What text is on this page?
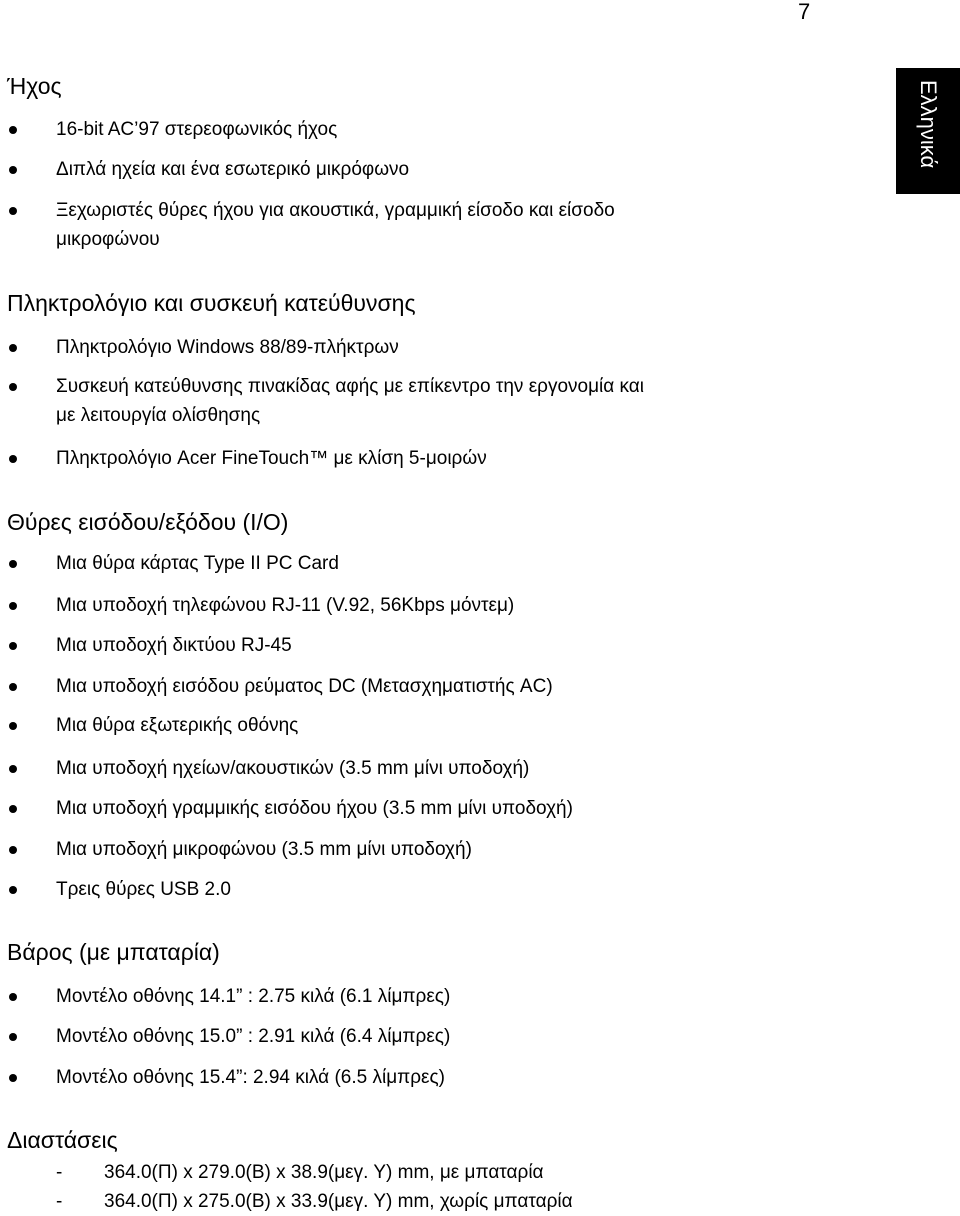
7
Ελληνικά
Ήχος
16-bit AC’97 στερεοφωνικός ήχος
Διπλά ηχεία και ένα εσωτερικό μικρόφωνο
Ξεχωριστές θύρες ήχου για ακουστικά, γραμμική είσοδο και είσοδο
μικροφώνου
Πληκτρολόγιο και συσκευή κατεύθυνσης
Πληκτρολόγιο Windows 88/89-πλήκτρων
Συσκευή κατεύθυνσης πινακίδας αφής με επίκεντρο την εργονομία και
με λειτουργία ολίσθησης
Πληκτρολόγιο Acer FineTouch™ με κλίση 5-μοιρών
Θύρες εισόδου/εξόδου (I/O)
Μια θύρα κάρτας Type II PC Card
Μια υποδοχή τηλεφώνου RJ-11 (V.92, 56Kbps μόντεμ)
Μια υποδοχή δικτύου RJ-45
Μια υποδοχή εισόδου ρεύματος DC (Μετασχηματιστής AC)
Μια θύρα εξωτερικής οθόνης
Μια υποδοχή ηχείων/ακουστικών (3.5 mm μίνι υποδοχή)
Μια υποδοχή γραμμικής εισόδου ήχου (3.5 mm μίνι υποδοχή)
Μια υποδοχή μικροφώνου (3.5 mm μίνι υποδοχή)
Τρεις θύρες USB 2.0
Βάρος (με μπαταρία)
Μοντέλο οθόνης 14.1” : 2.75 κιλά (6.1 λίμπρες)
Μοντέλο οθόνης 15.0” : 2.91 κιλά (6.4 λίμπρες)
Μοντέλο οθόνης 15.4”: 2.94 κιλά (6.5 λίμπρες)
Διαστάσεις
- 364.0(Π) x 279.0(Β) x 38.9(μεγ. Υ) mm, με μπαταρία
- 364.0(Π) x 275.0(Β) x 33.9(μεγ. Υ) mm, χωρίς μπαταρία
